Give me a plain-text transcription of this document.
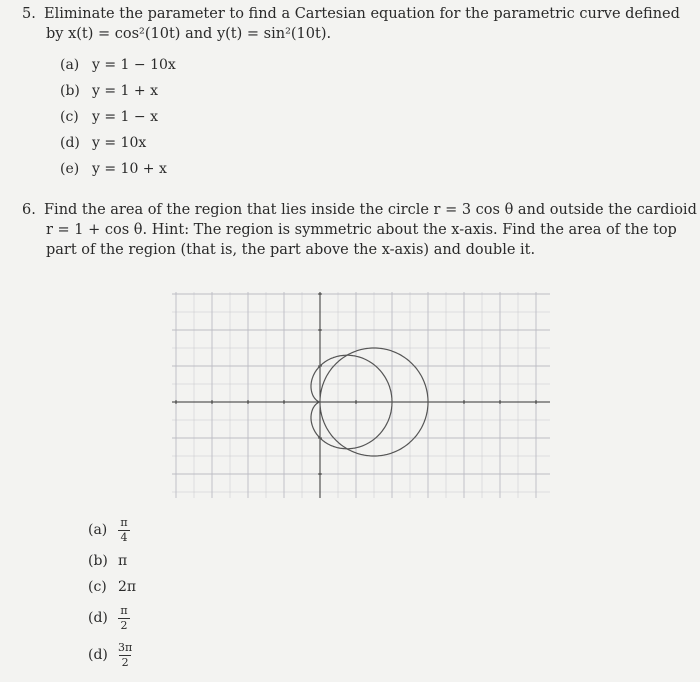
5. Eliminate the parameter to find a Cartesian equation for the parametric curve defined
by x(t) = cos²(10t) and y(t) = sin²(10t).
(a) y = 1 − 10x
(b) y = 1 + x
(c) y = 1 − x
(d) y = 10x
(e) y = 10 + x
6. Find the area of the region that lies inside the circle r = 3 cos θ and outside the cardioid
r = 1 + cos θ. Hint: The region is symmetric about the x-axis. Find the area of the top
part of the region (that is, the part above the x-axis) and double it.
$(a) \frac{\pi}{4}$
(b) π
(c) 2π
$(d) \frac{\pi}{2}$
$(d) \frac{3\pi}{2}$
